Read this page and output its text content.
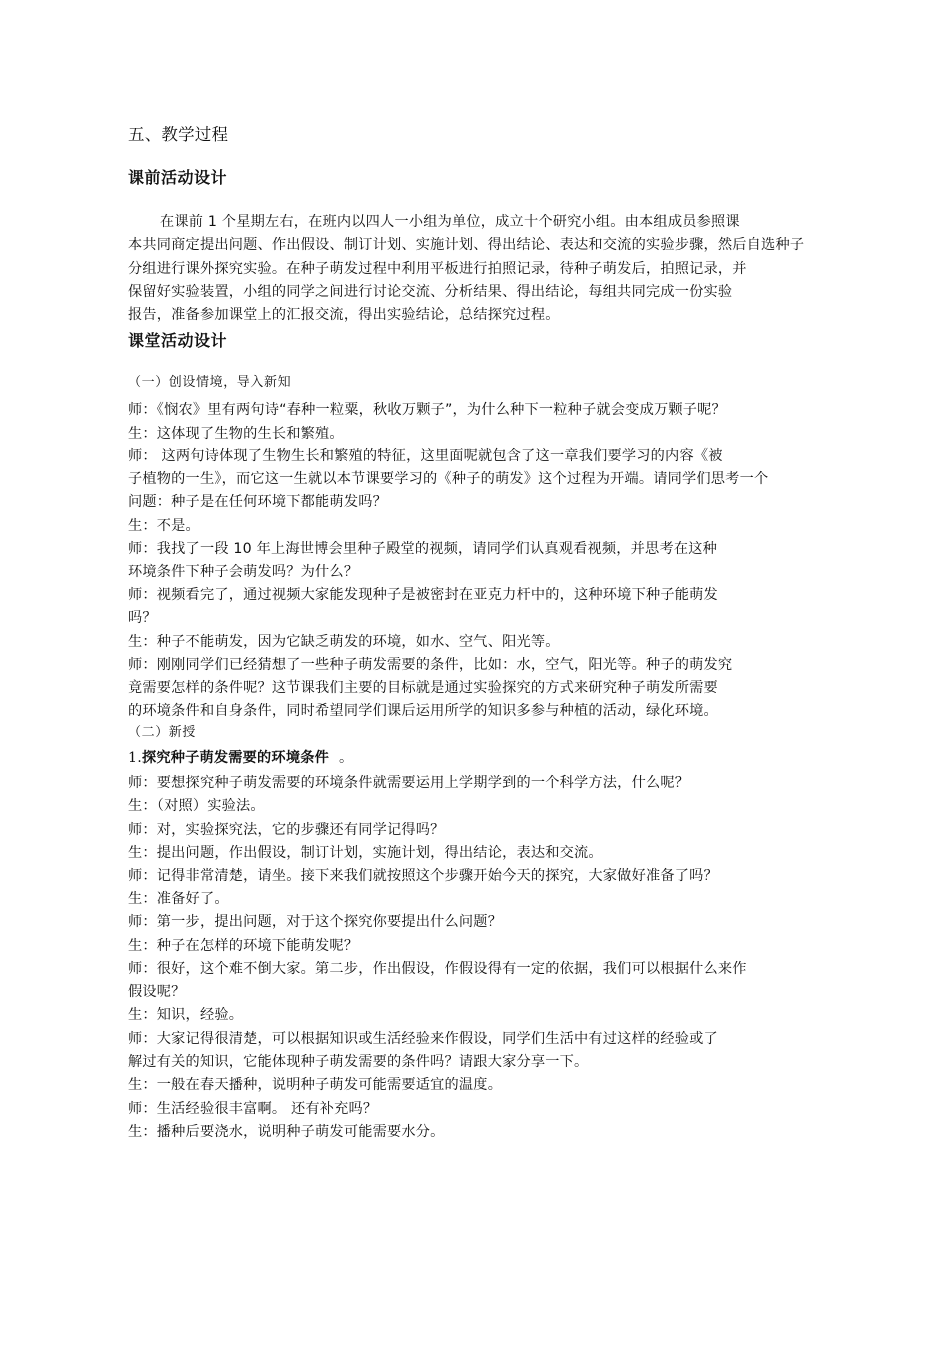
五、教学过程
课前活动设计
在课前 1 个星期左右，在班内以四人一小组为单位，成立十个研究小组。由本组成员参照课
本共同商定提出问题、作出假设、制订计划、实施计划、得出结论、表达和交流的实验步骤，然后自选种子
分组进行课外探究实验。在种子萌发过程中利用平板进行拍照记录，待种子萌发后，拍照记录，并
保留好实验装置，小组的同学之间进行讨论交流、分析结果、得出结论，每组共同完成一份实验
报告，准备参加课堂上的汇报交流，得出实验结论，总结探究过程。
课堂活动设计
（一）创设情境，导入新知
师：《悯农》里有两句诗“春种一粒粟，秋收万颗子”，为什么种下一粒种子就会变成万颗子呢？
生：这体现了生物的生长和繁殖。
师： 这两句诗体现了生物生长和繁殖的特征，这里面呢就包含了这一章我们要学习的内容《被
子植物的一生》，而它这一生就以本节课要学习的《种子的萌发》这个过程为开端。请同学们思考一个
问题：种子是在任何环境下都能萌发吗？
生：不是。
师：我找了一段 10 年上海世博会里种子殿堂的视频，请同学们认真观看视频，并思考在这种
环境条件下种子会萌发吗？为什么？
师：视频看完了，通过视频大家能发现种子是被密封在亚克力杆中的，这种环境下种子能萌发
吗？
生：种子不能萌发，因为它缺乏萌发的环境，如水、空气、阳光等。
师：刚刚同学们已经猜想了一些种子萌发需要的条件，比如：水，空气，阳光等。种子的萌发究
竟需要怎样的条件呢？这节课我们主要的目标就是通过实验探究的方式来研究种子萌发所需要
的环境条件和自身条件，同时希望同学们课后运用所学的知识多参与种植的活动，绿化环境。
（二）新授
1.探究种子萌发需要的环境条件 。
师：要想探究种子萌发需要的环境条件就需要运用上学期学到的一个科学方法，什么呢？
生：（对照）实验法。
师：对，实验探究法，它的步骤还有同学记得吗？
生：提出问题，作出假设，制订计划，实施计划，得出结论，表达和交流。
师：记得非常清楚，请坐。接下来我们就按照这个步骤开始今天的探究，大家做好准备了吗？
生：准备好了。
师：第一步，提出问题，对于这个探究你要提出什么问题？
生：种子在怎样的环境下能萌发呢？
师：很好，这个难不倒大家。第二步，作出假设，作假设得有一定的依据，我们可以根据什么来作
假设呢？
生：知识，经验。
师：大家记得很清楚，可以根据知识或生活经验来作假设，同学们生活中有过这样的经验或了
解过有关的知识，它能体现种子萌发需要的条件吗？请跟大家分享一下。
生：一般在春天播种，说明种子萌发可能需要适宜的温度。
师：生活经验很丰富啊。 还有补充吗？
生：播种后要浇水，说明种子萌发可能需要水分。
